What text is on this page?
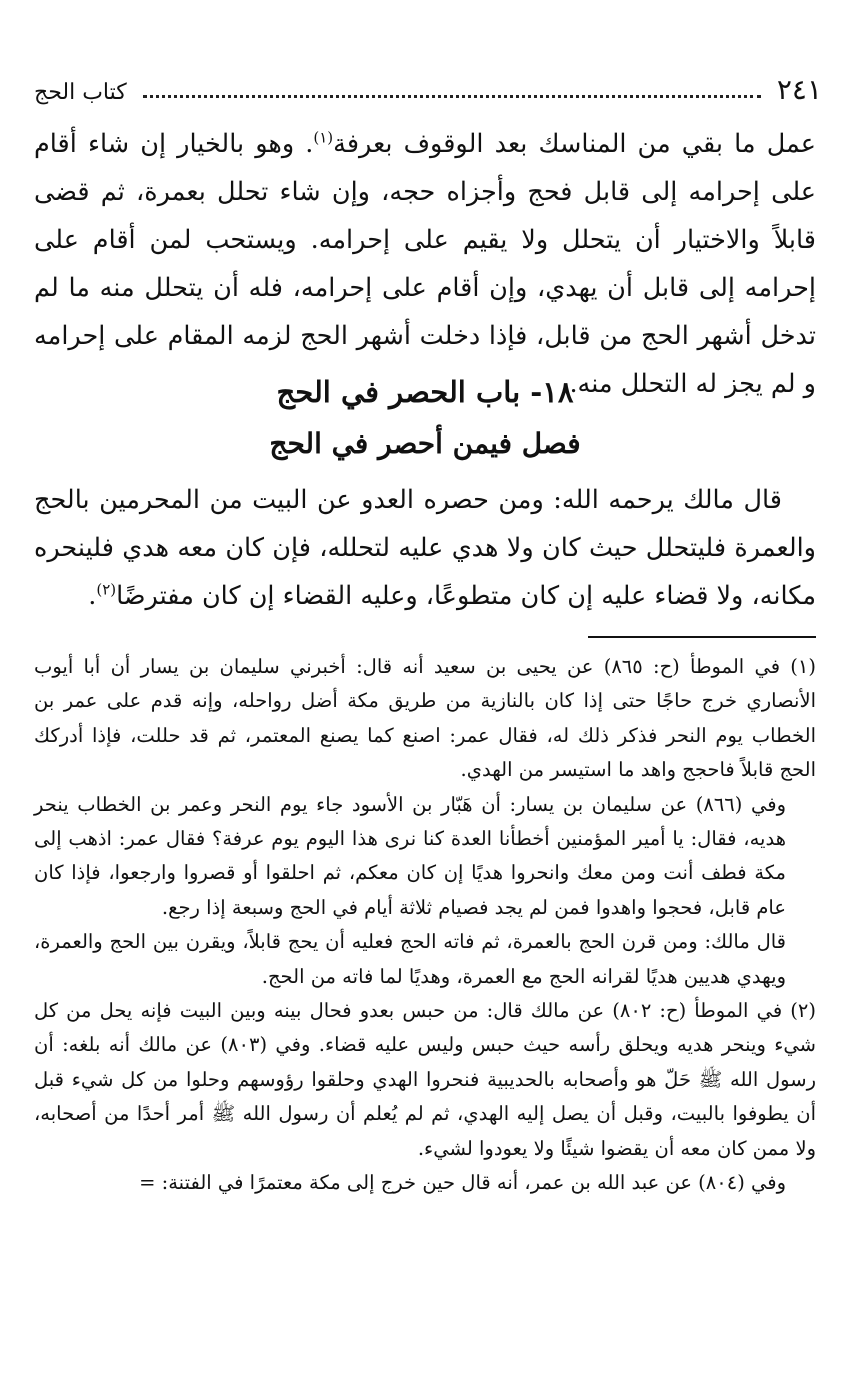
٢٤١
كتاب الحج

عمل ما بقي من المناسك بعد الوقوف بعرفة$^{(١)}$. وهو بالخيار إن شاء أقام على إحرامه إلى قابل فحج وأجزاه حجه، وإن شاء تحلل بعمرة، ثم قضى قابلاً والاختيار أن يتحلل ولا يقيم على إحرامه. ويستحب لمن أقام على إحرامه إلى قابل أن يهدي، وإن أقام على إحرامه، فله أن يتحلل منه ما لم تدخل أشهر الحج من قابل، فإذا دخلت أشهر الحج لزمه المقام على إحرامه و لم يجز له التحلل منه.

١٨- باب الحصر في الحج
فصل فيمن أحصر في الحج

قال مالك يرحمه الله: ومن حصره العدو عن البيت من المحرمين بالحج والعمرة فليتحلل حيث كان ولا هدي عليه لتحلله، فإن كان معه هدي فلينحره مكانه، ولا قضاء عليه إن كان متطوعًا، وعليه القضاء إن كان مفترضًا$^{(٢)}$.

(١) في الموطأ (ح: ٨٦٥) عن يحيى بن سعيد أنه قال: أخبرني سليمان بن يسار أن أبا أيوب الأنصاري خرج حاجًا حتى إذا كان بالنازية من طريق مكة أضل رواحله، وإنه قدم على عمر بن الخطاب يوم النحر فذكر ذلك له، فقال عمر: اصنع كما يصنع المعتمر، ثم قد حللت، فإذا أدركك الحج قابلاً فاحجج واهد ما استيسر من الهدي.

وفي (٨٦٦) عن سليمان بن يسار: أن هَبّار بن الأسود جاء يوم النحر وعمر بن الخطاب ينحر هديه، فقال: يا أمير المؤمنين أخطأنا العدة كنا نرى هذا اليوم يوم عرفة؟ فقال عمر: اذهب إلى مكة فطف أنت ومن معك وانحروا هديًا إن كان معكم، ثم احلقوا أو قصروا وارجعوا، فإذا كان عام قابل، فحجوا واهدوا فمن لم يجد فصيام ثلاثة أيام في الحج وسبعة إذا رجع.

قال مالك: ومن قرن الحج بالعمرة، ثم فاته الحج فعليه أن يحج قابلاً، ويقرن بين الحج والعمرة، ويهدي هديين هديًا لقرانه الحج مع العمرة، وهديًا لما فاته من الحج.

(٢) في الموطأ (ح: ٨٠٢) عن مالك قال: من حبس بعدو فحال بينه وبين البيت فإنه يحل من كل شيء وينحر هديه ويحلق رأسه حيث حبس وليس عليه قضاء. وفي (٨٠٣) عن مالك أنه بلغه: أن رسول الله ﷺ حَلّ هو وأصحابه بالحديبية فنحروا الهدي وحلقوا رؤوسهم وحلوا من كل شيء قبل أن يطوفوا بالبيت، وقبل أن يصل إليه الهدي، ثم لم يُعلم أن رسول الله ﷺ أمر أحدًا من أصحابه، ولا ممن كان معه أن يقضوا شيئًا ولا يعودوا لشيء.

وفي (٨٠٤) عن عبد الله بن عمر، أنه قال حين خرج إلى مكة معتمرًا في الفتنة: =
